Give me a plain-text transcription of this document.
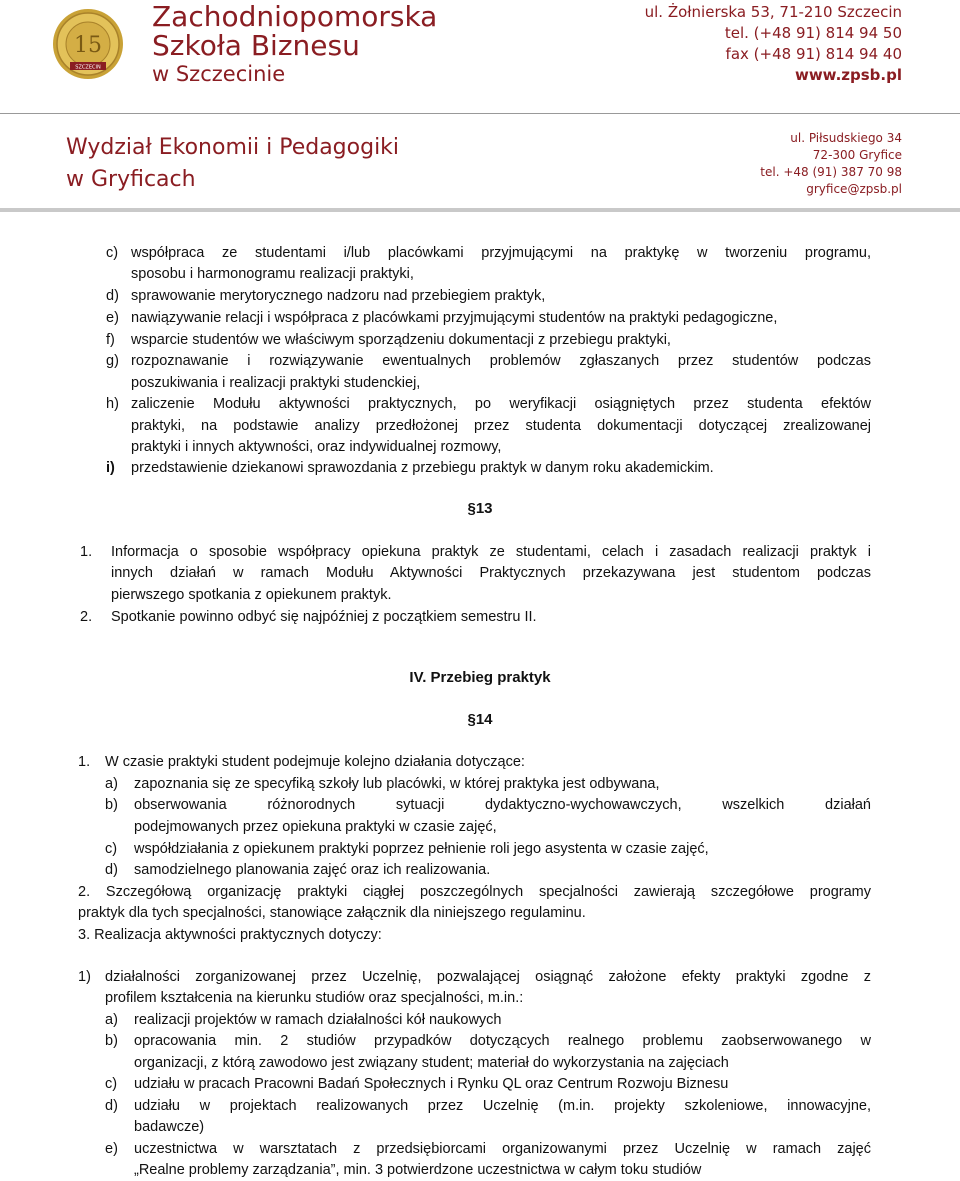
15
SZCZECIN
Zachodniopomorska
Szkoła Biznesu
w Szczecinie
ul. Żołnierska 53, 71-210 Szczecin
tel. (+48 91) 814 94 50
fax (+48 91) 814 94 40
www.zpsb.pl
Wydział Ekonomii i Pedagogiki
w Gryficach
ul. Piłsudskiego 34
72-300 Gryfice
tel. +48 (91) 387 70 98
gryfice@zpsb.pl
c) współpraca ze studentami i/lub placówkami przyjmującymi na praktykę w tworzeniu programu,
sposobu i harmonogramu realizacji praktyki,
d) sprawowanie merytorycznego nadzoru nad przebiegiem praktyk,
e) nawiązywanie relacji i współpraca z placówkami przyjmującymi studentów na praktyki pedagogiczne,
f) wsparcie studentów we właściwym sporządzeniu dokumentacji z przebiegu praktyki,
g) rozpoznawanie i rozwiązywanie ewentualnych problemów zgłaszanych przez studentów podczas
poszukiwania i realizacji praktyki studenckiej,
h) zaliczenie Modułu aktywności praktycznych, po weryfikacji osiągniętych przez studenta efektów
praktyki, na podstawie analizy przedłożonej przez studenta dokumentacji dotyczącej zrealizowanej
praktyki i innych aktywności, oraz indywidualnej rozmowy,
i) przedstawienie dziekanowi sprawozdania z przebiegu praktyk w danym roku akademickim.
§13
1. Informacja o sposobie współpracy opiekuna praktyk ze studentami, celach i zasadach realizacji praktyk i
innych działań w ramach Modułu Aktywności Praktycznych przekazywana jest studentom podczas
pierwszego spotkania z opiekunem praktyk.
2. Spotkanie powinno odbyć się najpóźniej z początkiem semestru II.
IV. Przebieg praktyk
§14
1. W czasie praktyki student podejmuje kolejno działania dotyczące:
a) zapoznania się ze specyfiką szkoły lub placówki, w której praktyka jest odbywana,
b) obserwowania różnorodnych sytuacji dydaktyczno-wychowawczych, wszelkich działań
podejmowanych przez opiekuna praktyki w czasie zajęć,
c) współdziałania z opiekunem praktyki poprzez pełnienie roli jego asystenta w czasie zajęć,
d) samodzielnego planowania zajęć oraz ich realizowania.
2. Szczegółową organizację praktyki ciągłej poszczególnych specjalności zawierają szczegółowe programy
praktyk dla tych specjalności, stanowiące załącznik dla niniejszego regulaminu.
3. Realizacja aktywności praktycznych dotyczy:
1) działalności zorganizowanej przez Uczelnię, pozwalającej osiągnąć założone efekty praktyki zgodne z
profilem kształcenia na kierunku studiów oraz specjalności, m.in.:
a) realizacji projektów w ramach działalności kół naukowych
b) opracowania min. 2 studiów przypadków dotyczących realnego problemu zaobserwowanego w
organizacji, z którą zawodowo jest związany student; materiał do wykorzystania na zajęciach
c) udziału w pracach Pracowni Badań Społecznych i Rynku QL oraz Centrum Rozwoju Biznesu
d) udziału w projektach realizowanych przez Uczelnię (m.in. projekty szkoleniowe, innowacyjne,
badawcze)
e) uczestnictwa w warsztatach z przedsiębiorcami organizowanymi przez Uczelnię w ramach zajęć
„Realne problemy zarządzania”, min. 3 potwierdzone uczestnictwa w całym toku studiów
